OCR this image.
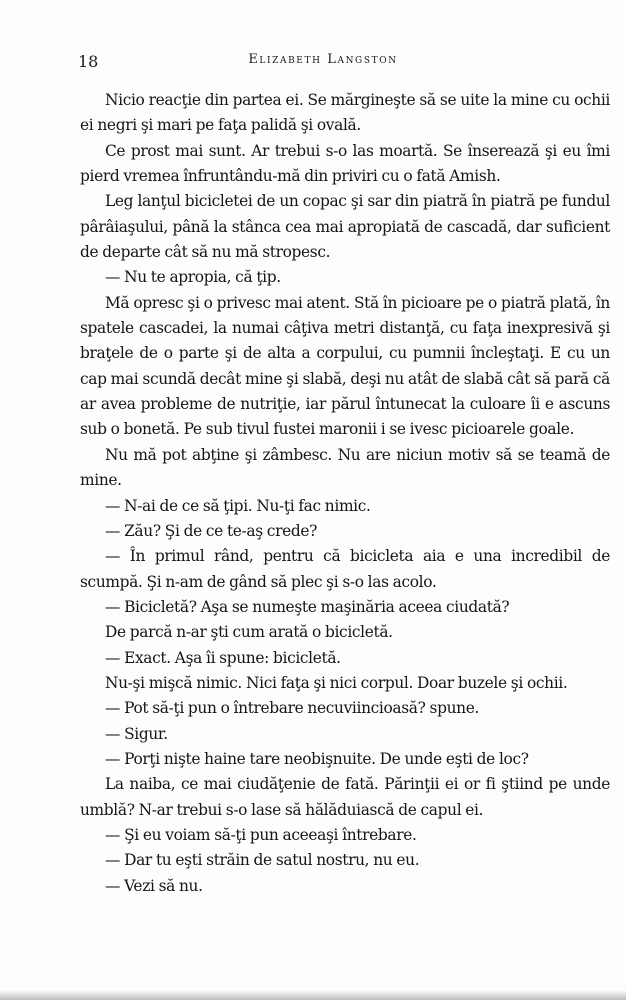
18	Elizabeth Langston

Nicio reacţie din partea ei. Se mărgineşte să se uite la mine cu ochii ei negri şi mari pe faţa palidă şi ovală.

Ce prost mai sunt. Ar trebui s-o las moartă. Se înserează şi eu îmi pierd vremea înfruntându-mă din priviri cu o fată Amish.

Leg lanţul bicicletei de un copac şi sar din piatră în piatră pe fundul pârâiaşului, până la stânca cea mai apropiată de cascadă, dar suficient de departe cât să nu mă stropesc.

— Nu te apropia, că ţip.

Mă opresc şi o privesc mai atent. Stă în picioare pe o piatră plată, în spatele cascadei, la numai câţiva metri distanţă, cu faţa inexpresivă şi braţele de o parte şi de alta a corpului, cu pumnii încleştaţi. E cu un cap mai scundă decât mine şi slabă, deşi nu atât de slabă cât să pară că ar avea probleme de nutriţie, iar părul întunecat la culoare îi e ascuns sub o bonetă. Pe sub tivul fustei maronii i se ivesc picioarele goale.

Nu mă pot abţine şi zâmbesc. Nu are niciun motiv să se teamă de mine.

— N-ai de ce să ţipi. Nu-ţi fac nimic.

— Zău? Şi de ce te-aş crede?

— În primul rând, pentru că bicicleta aia e una incredibil de scumpă. Şi n-am de gând să plec şi s-o las acolo.

— Bicicletă? Aşa se numeşte maşinăria aceea ciudată?

De parcă n-ar şti cum arată o bicicletă.

— Exact. Aşa îi spune: bicicletă.

Nu-şi mişcă nimic. Nici faţa şi nici corpul. Doar buzele şi ochii.

— Pot să-ţi pun o întrebare necuviincioasă? spune.

— Sigur.

— Porţi nişte haine tare neobişnuite. De unde eşti de loc?

La naiba, ce mai ciudăţenie de fată. Părinţii ei or fi ştiind pe unde umblă? N-ar trebui s-o lase să hălăduiască de capul ei.

— Şi eu voiam să-ţi pun aceeaşi întrebare.

— Dar tu eşti străin de satul nostru, nu eu.

— Vezi să nu.
